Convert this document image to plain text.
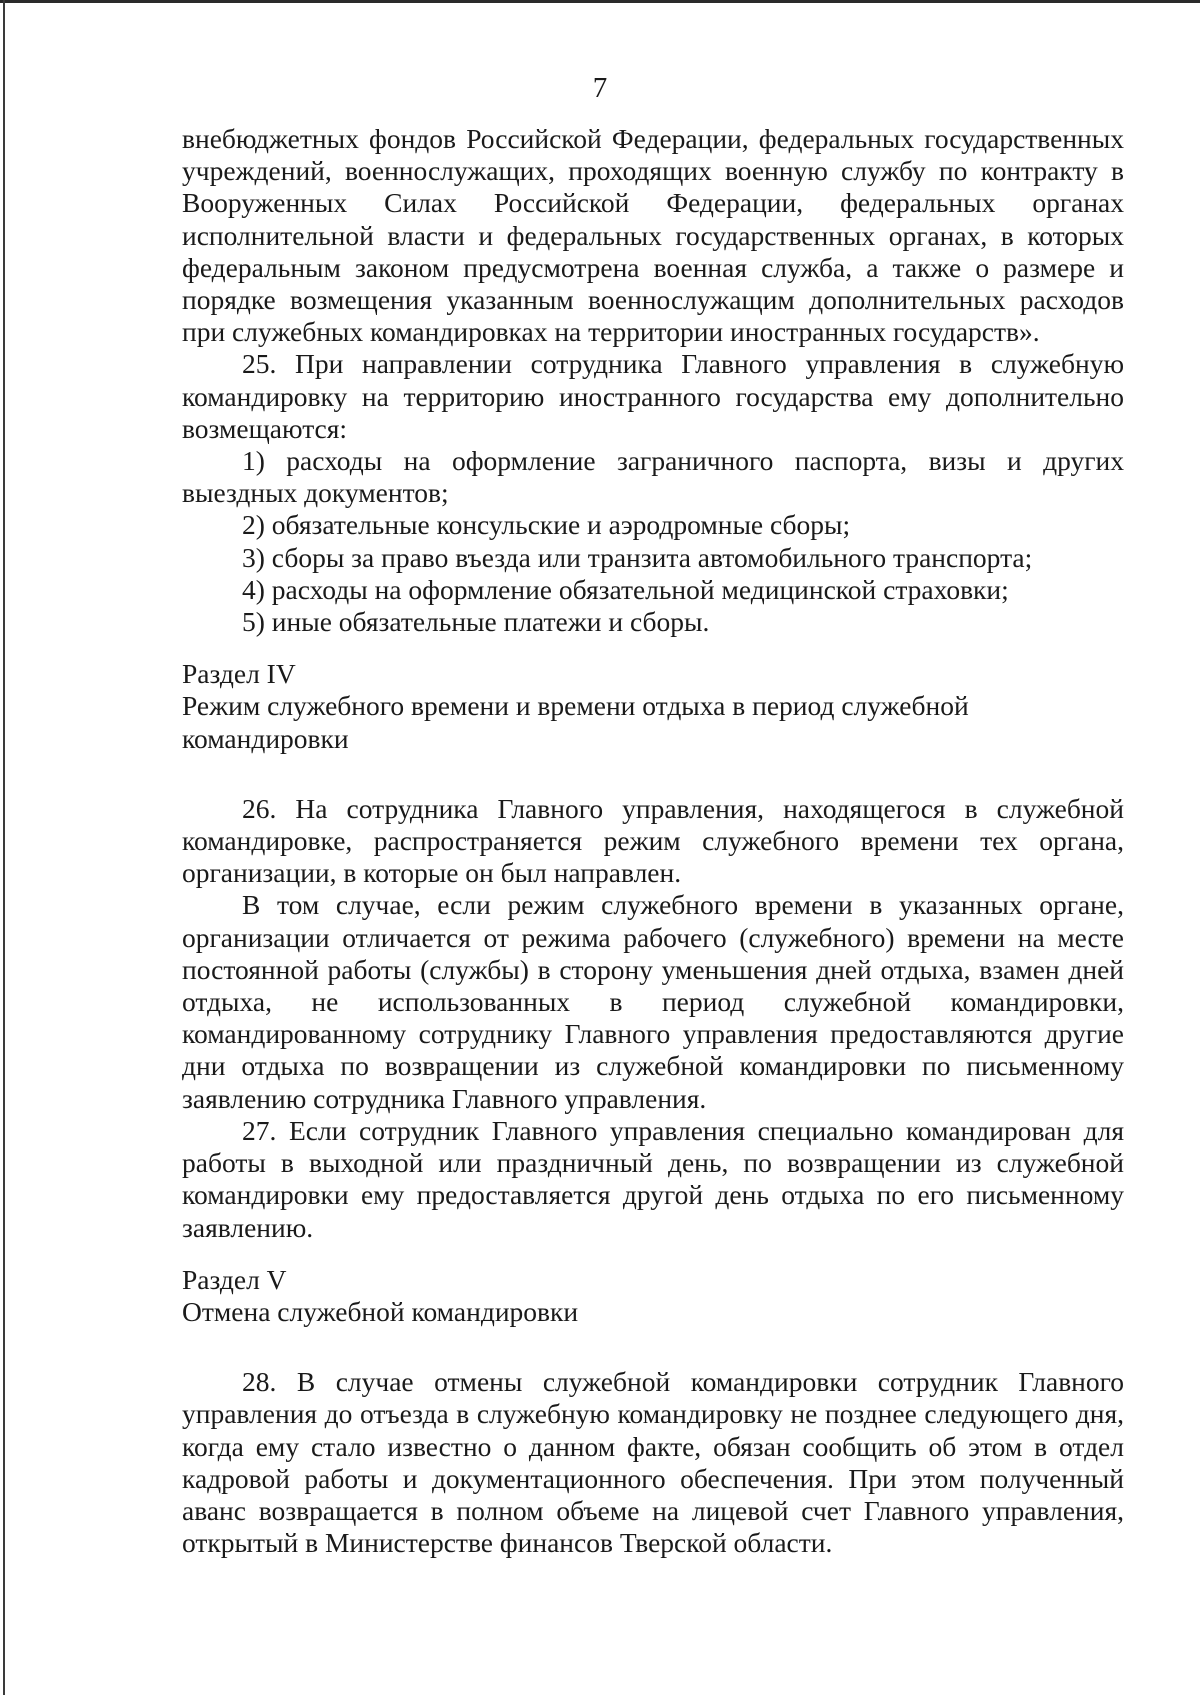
7

внебюджетных фондов Российской Федерации, федеральных государственных учреждений, военнослужащих, проходящих военную службу по контракту в Вооруженных Силах Российской Федерации, федеральных органах исполнительной власти и федеральных государственных органах, в которых федеральным законом предусмотрена военная служба, а также о размере и порядке возмещения указанным военнослужащим дополнительных расходов при служебных командировках на территории иностранных государств».

25. При направлении сотрудника Главного управления в служебную командировку на территорию иностранного государства ему дополнительно возмещаются:

1) расходы на оформление заграничного паспорта, визы и других выездных документов;

2) обязательные консульские и аэродромные сборы;

3) сборы за право въезда или транзита автомобильного транспорта;

4) расходы на оформление обязательной медицинской страховки;

5) иные обязательные платежи и сборы.

Раздел IV

Режим служебного времени и времени отдыха в период служебной

командировки

26. На сотрудника Главного управления, находящегося в служебной командировке, распространяется режим служебного времени тех органа, организации, в которые он был направлен.

В том случае, если режим служебного времени в указанных органе, организации отличается от режима рабочего (служебного) времени на месте постоянной работы (службы) в сторону уменьшения дней отдыха, взамен дней отдыха, не использованных в период служебной командировки, командированному сотруднику Главного управления предоставляются другие дни отдыха по возвращении из служебной командировки по письменному заявлению сотрудника Главного управления.

27. Если сотрудник Главного управления специально командирован для работы в выходной или праздничный день, по возвращении из служебной командировки ему предоставляется другой день отдыха по его письменному заявлению.

Раздел V

Отмена служебной командировки

28. В случае отмены служебной командировки сотрудник Главного управления до отъезда в служебную командировку не позднее следующего дня, когда ему стало известно о данном факте, обязан сообщить об этом в отдел кадровой работы и документационного обеспечения. При этом полученный аванс возвращается в полном объеме на лицевой счет Главного управления, открытый в Министерстве финансов Тверской области.
